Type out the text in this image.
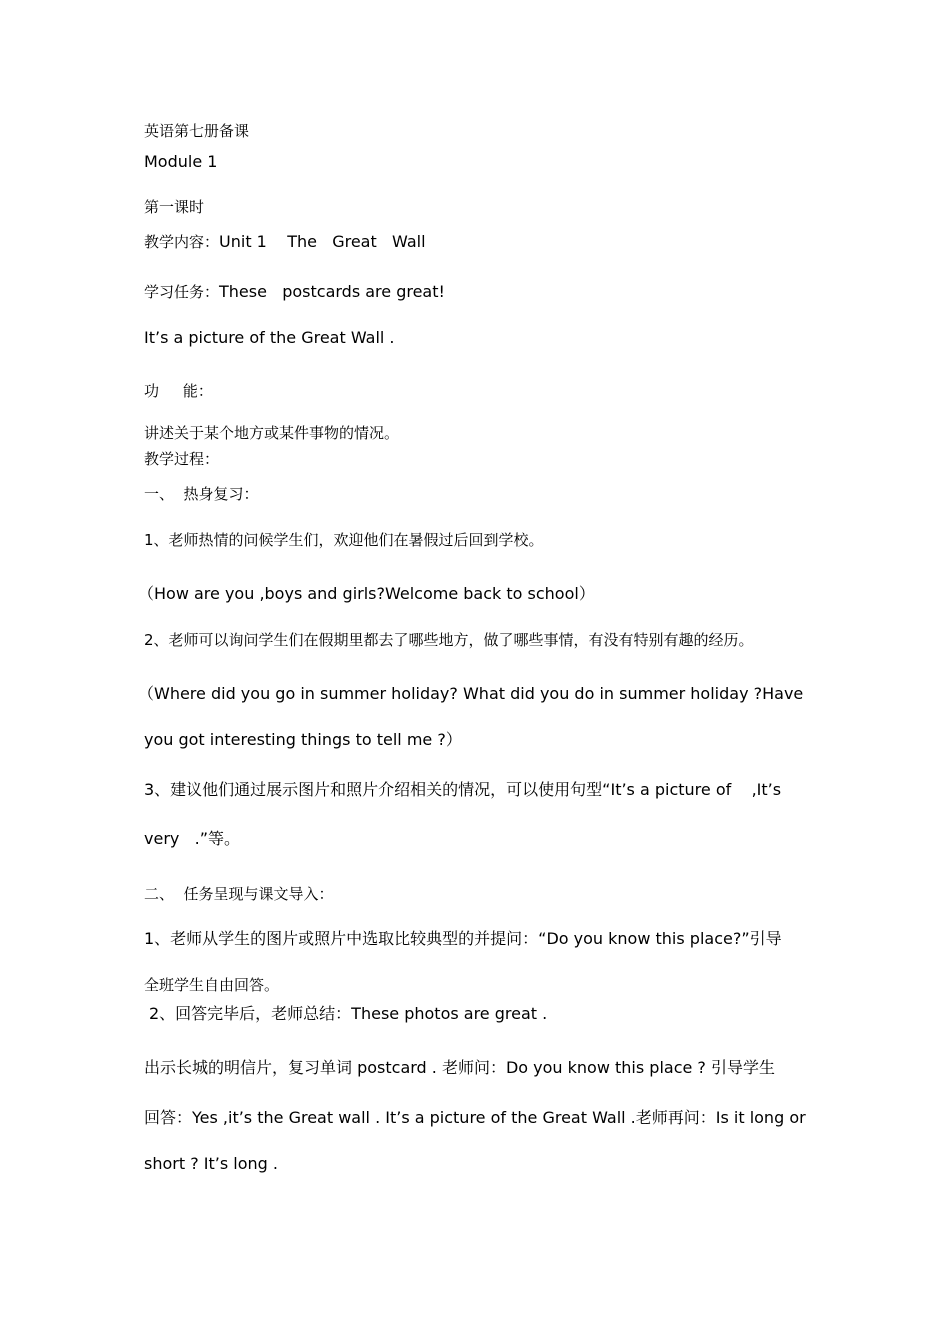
英语第七册备课
Module 1
第一课时
教学内容：Unit 1    The   Great   Wall
学习任务：These   postcards are great!
It’s a picture of the Great Wall .
功     能：
讲述关于某个地方或某件事物的情况。
教学过程：
一、  热身复习：
1、老师热情的问候学生们，欢迎他们在暑假过后回到学校。
（How are you ,boys and girls?Welcome back to school）
2、老师可以询问学生们在假期里都去了哪些地方，做了哪些事情，有没有特别有趣的经历。
（Where did you go in summer holiday? What did you do in summer holiday ?Have
you got interesting things to tell me ?）
3、建议他们通过展示图片和照片介绍相关的情况，可以使用句型“It’s a picture of    ,It’s
very   .”等。
二、  任务呈现与课文导入：
1、老师从学生的图片或照片中选取比较典型的并提问：“Do you know this place?”引导
全班学生自由回答。
2、回答完毕后，老师总结：These photos are great .
出示长城的明信片，复习单词 postcard . 老师问：Do you know this place ? 引导学生
回答：Yes ,it’s the Great wall . It’s a picture of the Great Wall .老师再问：Is it long or
short ? It’s long .
